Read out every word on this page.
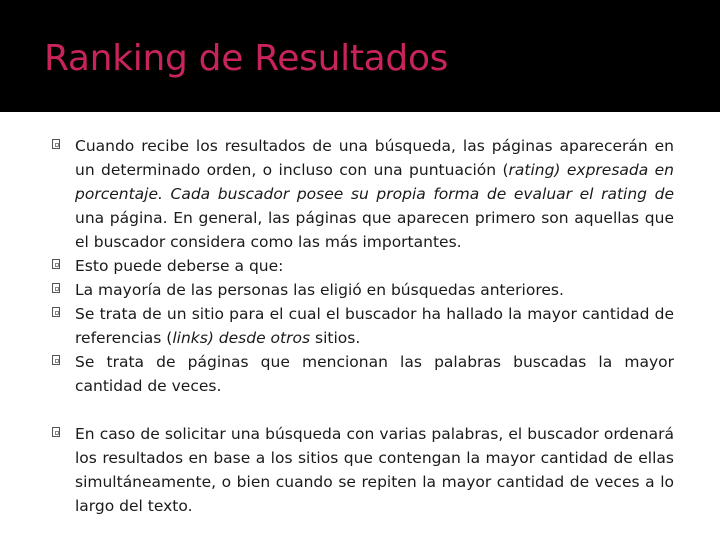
Ranking de Resultados
Cuando recibe los resultados de una búsqueda, las páginas aparecerán en un determinado orden, o incluso con una puntuación (rating) expresada en porcentaje. Cada buscador posee su propia forma de evaluar el rating de una página. En general, las páginas que aparecen primero son aquellas que el buscador considera como las más importantes.
Esto puede deberse a que:
La mayoría de las personas las eligió en búsquedas anteriores.
Se trata de un sitio para el cual el buscador ha hallado la mayor cantidad de referencias (links) desde otros sitios.
Se trata de páginas que mencionan las palabras buscadas la mayor cantidad de veces.
En caso de solicitar una búsqueda con varias palabras, el buscador ordenará los resultados en base a los sitios que contengan la mayor cantidad de ellas simultáneamente, o bien cuando se repiten la mayor cantidad de veces a lo largo del texto.
